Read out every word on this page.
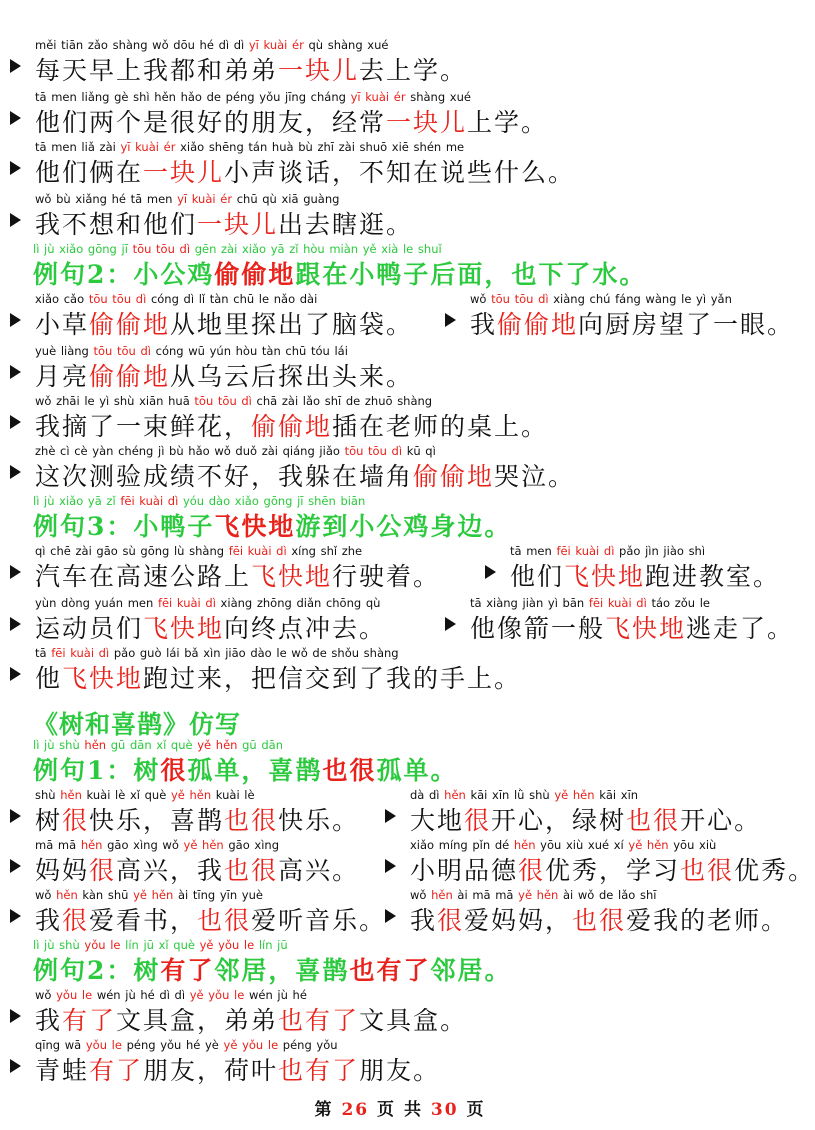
měi tiān zǎo shàng wǒ dōu hé dì dì yī kuài ér qù shàng xué
每天早上我都和弟弟一块儿去上学。
tā men liǎng gè shì hěn hǎo de péng yǒu jīng cháng yī kuài ér shàng xué
他们两个是很好的朋友，经常一块儿上学。
tā men liǎ zài yī kuài ér xiǎo shēng tán huà bù zhī zài shuō xiē shén me
他们俩在一块儿小声谈话，不知在说些什么。
wǒ bù xiǎng hé tā men yī kuài ér chū qù xiā guàng
我不想和他们一块儿出去瞎逛。
lì jù xiǎo gōng jī tōu tōu dì gēn zài xiǎo yā zǐ hòu miàn yě xià le shuǐ
例句2：小公鸡偷偷地跟在小鸭子后面，也下了水。
xiǎo cǎo tōu tōu dì cóng dì lǐ tàn chū le nǎo dài
小草偷偷地从地里探出了脑袋。
wǒ tōu tōu dì xiàng chú fáng wàng le yì yǎn
我偷偷地向厨房望了一眼。
yuè liàng tōu tōu dì cóng wū yún hòu tàn chū tóu lái
月亮偷偷地从乌云后探出头来。
wǒ zhāi le yì shù xiān huā tōu tōu dì chā zài lǎo shī de zhuō shàng
我摘了一束鲜花，偷偷地插在老师的桌上。
zhè cì cè yàn chéng jì bù hǎo wǒ duǒ zài qiáng jiǎo tōu tōu dì kū qì
这次测验成绩不好，我躲在墙角偷偷地哭泣。
lì jù xiǎo yā zǐ fēi kuài dì yóu dào xiǎo gōng jī shēn biān
例句3：小鸭子飞快地游到小公鸡身边。
qì chē zài gāo sù gōng lù shàng fēi kuài dì xíng shǐ zhe
汽车在高速公路上飞快地行驶着。
tā men fēi kuài dì pǎo jìn jiào shì
他们飞快地跑进教室。
yùn dòng yuán men fēi kuài dì xiàng zhōng diǎn chōng qù
运动员们飞快地向终点冲去。
tā xiàng jiàn yì bān fēi kuài dì táo zǒu le
他像箭一般飞快地逃走了。
tā fēi kuài dì pǎo guò lái bǎ xìn jiāo dào le wǒ de shǒu shàng
他飞快地跑过来，把信交到了我的手上。
《树和喜鹊》仿写
lì jù shù hěn gū dān xǐ què yě hěn gū dān
例句1：树很孤单，喜鹊也很孤单。
shù hěn kuài lè xǐ què yě hěn kuài lè
树很快乐，喜鹊也很快乐。
dà dì hěn kāi xīn lǜ shù yě hěn kāi xīn
大地很开心，绿树也很开心。
mā mā hěn gāo xìng wǒ yě hěn gāo xìng
妈妈很高兴，我也很高兴。
xiǎo míng pǐn dé hěn yōu xiù xué xí yě hěn yōu xiù
小明品德很优秀，学习也很优秀。
wǒ hěn kàn shū yě hěn ài tīng yīn yuè
我很爱看书，也很爱听音乐。
wǒ hěn ài mā mā yě hěn ài wǒ de lǎo shī
我很爱妈妈，也很爱我的老师。
lì jù shù yǒu le lín jū xǐ què yě yǒu le lín jū
例句2：树有了邻居，喜鹊也有了邻居。
wǒ yǒu le wén jù hé dì dì yě yǒu le wén jù hé
我有了文具盒，弟弟也有了文具盒。
qīng wā yǒu le péng yǒu hé yè yě yǒu le péng yǒu
青蛙有了朋友，荷叶也有了朋友。
第 26 页 共 30 页
